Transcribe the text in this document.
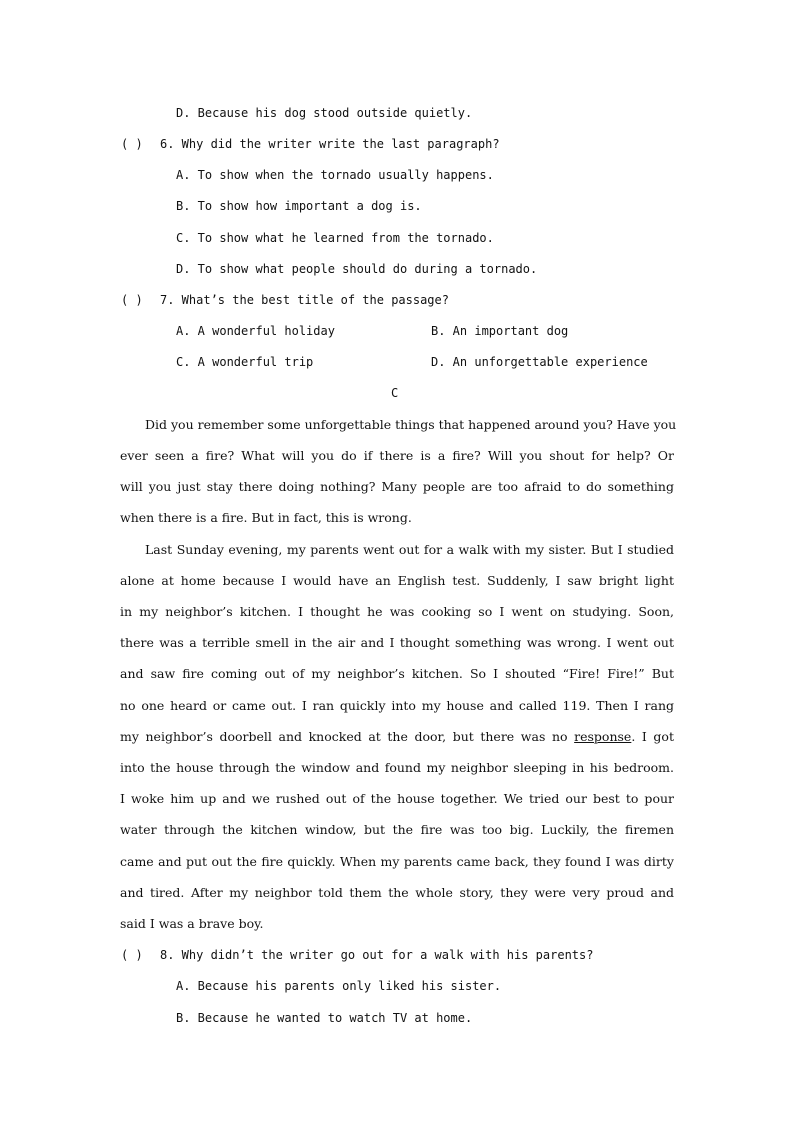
D. Because his dog stood outside quietly.
( ) 6. Why did the writer write the last paragraph?
A. To show when the tornado usually happens.
B. To show how important a dog is.
C. To show what he learned from the tornado.
D. To show what people should do during a tornado.
( ) 7. What’s the best title of the passage?
A. A wonderful holiday	B. An important dog
C. A wonderful trip	D. An unforgettable experience
C
Did you remember some unforgettable things that happened around you? Have you
ever seen a fire? What will you do if there is a fire? Will you shout for help? Or
will you just stay there doing nothing? Many people are too afraid to do something
when there is a fire. But in fact, this is wrong.
Last Sunday evening, my parents went out for a walk with my sister. But I studied
alone at home because I would have an English test. Suddenly, I saw bright light
in my neighbor’s kitchen. I thought he was cooking so I went on studying. Soon,
there was a terrible smell in the air and I thought something was wrong. I went out
and saw fire coming out of my neighbor’s kitchen. So I shouted “Fire! Fire!” But
no one heard or came out. I ran quickly into my house and called 119. Then I rang
my neighbor’s doorbell and knocked at the door, but there was no response. I got
into the house through the window and found my neighbor sleeping in his bedroom.
I woke him up and we rushed out of the house together. We tried our best to pour
water through the kitchen window, but the fire was too big. Luckily, the firemen
came and put out the fire quickly. When my parents came back, they found I was dirty
and tired. After my neighbor told them the whole story, they were very proud and
said I was a brave boy.
( ) 8. Why didn’t the writer go out for a walk with his parents?
A. Because his parents only liked his sister.
B. Because he wanted to watch TV at home.
